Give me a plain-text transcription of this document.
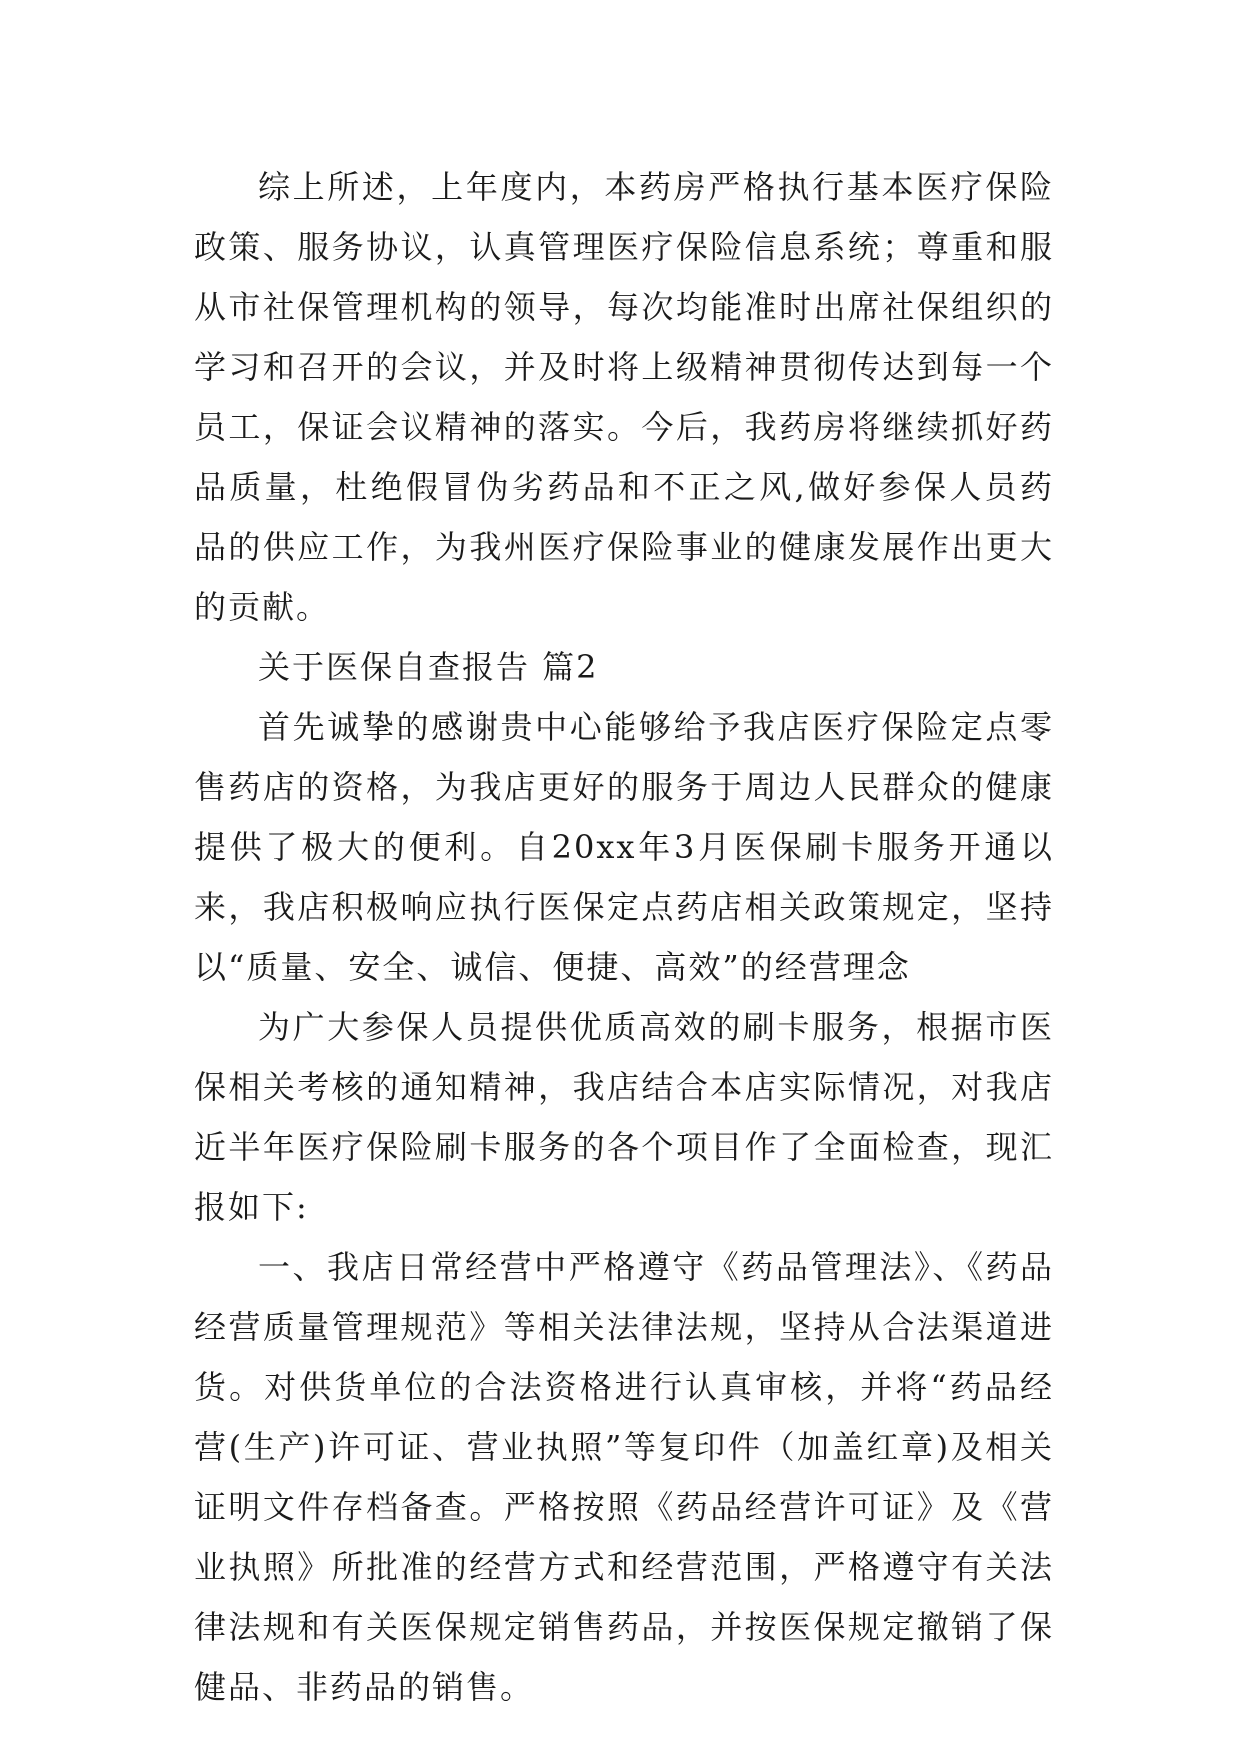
综上所述，上年度内，本药房严格执行基本医疗保险政策、服务协议，认真管理医疗保险信息系统；尊重和服从市社保管理机构的领导，每次均能准时出席社保组织的学习和召开的会议，并及时将上级精神贯彻传达到每一个员工，保证会议精神的落实。今后，我药房将继续抓好药品质量，杜绝假冒伪劣药品和不正之风,做好参保人员药品的供应工作，为我州医疗保险事业的健康发展作出更大的贡献。

关于医保自查报告 篇2

首先诚挚的感谢贵中心能够给予我店医疗保险定点零售药店的资格，为我店更好的服务于周边人民群众的健康提供了极大的便利。自20xx年3月医保刷卡服务开通以来，我店积极响应执行医保定点药店相关政策规定，坚持以“质量、安全、诚信、便捷、高效”的经营理念

为广大参保人员提供优质高效的刷卡服务，根据市医保相关考核的通知精神，我店结合本店实际情况，对我店近半年医疗保险刷卡服务的各个项目作了全面检查，现汇报如下:

一、我店日常经营中严格遵守《药品管理法》、《药品经营质量管理规范》等相关法律法规，坚持从合法渠道进货。对供货单位的合法资格进行认真审核，并将“药品经营(生产)许可证、营业执照”等复印件（加盖红章)及相关证明文件存档备查。严格按照《药品经营许可证》及《营业执照》所批准的经营方式和经营范围，严格遵守有关法律法规和有关医保规定销售药品，并按医保规定撤销了保健品、非药品的销售。
